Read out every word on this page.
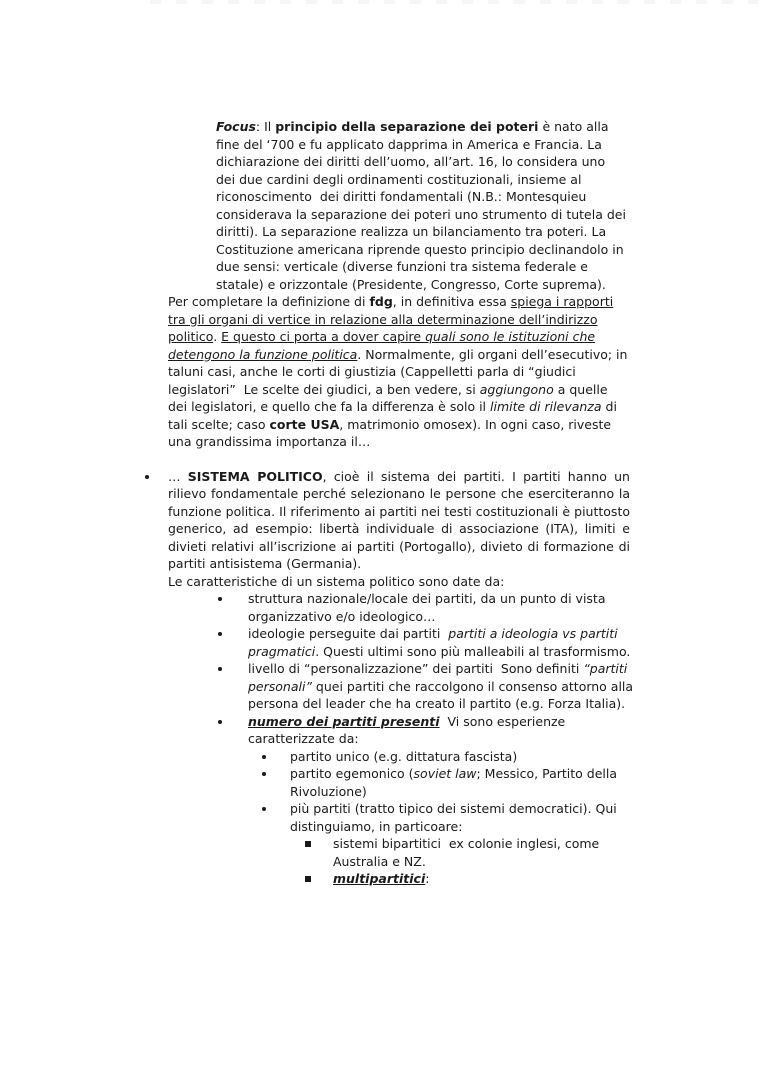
Focus: Il principio della separazione dei poteri è nato alla fine del ‘700 e fu applicato dapprima in America e Francia. La dichiarazione dei diritti dell’uomo, all’art. 16, lo considera uno dei due cardini degli ordinamenti costituzionali, insieme al riconoscimento  dei diritti fondamentali (N.B.: Montesquieu considerava la separazione dei poteri uno strumento di tutela dei diritti). La separazione realizza un bilanciamento tra poteri. La Costituzione americana riprende questo principio declinandolo in due sensi: verticale (diverse funzioni tra sistema federale e statale) e orizzontale (Presidente, Congresso, Corte suprema).
Per completare la definizione di fdg, in definitiva essa spiega i rapporti tra gli organi di vertice in relazione alla determinazione dell’indirizzo politico. E questo ci porta a dover capire quali sono le istituzioni che detengono la funzione politica. Normalmente, gli organi dell’esecutivo; in taluni casi, anche le corti di giustizia (Cappelletti parla di “giudici legislatori”  Le scelte dei giudici, a ben vedere, si aggiungono a quelle dei legislatori, e quello che fa la differenza è solo il limite di rilevanza di tali scelte; caso corte USA, matrimonio omosex). In ogni caso, riveste una grandissima importanza il…
… SISTEMA POLITICO, cioè il sistema dei partiti. I partiti hanno un rilievo fondamentale perché selezionano le persone che eserciteranno la funzione politica. Il riferimento ai partiti nei testi costituzionali è piuttosto generico, ad esempio: libertà individuale di associazione (ITA), limiti e divieti relativi all’iscrizione ai partiti (Portogallo), divieto di formazione di partiti antisistema (Germania).
Le caratteristiche di un sistema politico sono date da:
struttura nazionale/locale dei partiti, da un punto di vista organizzativo e/o ideologico…
ideologie perseguite dai partiti  partiti a ideologia vs partiti pragmatici. Questi ultimi sono più malleabili al trasformismo.
livello di “personalizzazione” dei partiti  Sono definiti “partiti personali” quei partiti che raccolgono il consenso attorno alla persona del leader che ha creato il partito (e.g. Forza Italia).
numero dei partiti presenti  Vi sono esperienze caratterizzate da:
partito unico (e.g. dittatura fascista)
partito egemonico (soviet law; Messico, Partito della Rivoluzione)
più partiti (tratto tipico dei sistemi democratici). Qui distinguiamo, in particoare:
sistemi bipartitici  ex colonie inglesi, come Australia e NZ.
multipartitici:
